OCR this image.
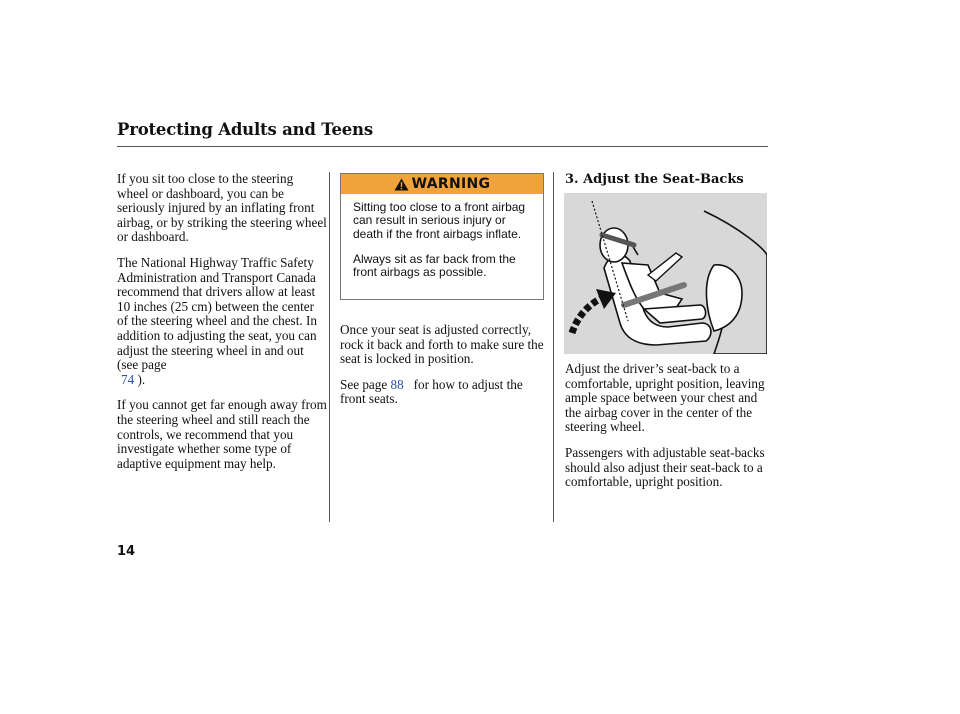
Protecting Adults and Teens

If you sit too close to the steering wheel or dashboard, you can be seriously injured by an inflating front airbag, or by striking the steering wheel or dashboard.

The National Highway Traffic Safety Administration and Transport Canada recommend that drivers allow at least 10 inches (25 cm) between the center of the steering wheel and the chest. In addition to adjusting the seat, you can adjust the steering wheel in and out (see page
74 ).

If you cannot get far enough away from the steering wheel and still reach the controls, we recommend that you investigate whether some type of adaptive equipment may help.

WARNING

Sitting too close to a front airbag can result in serious injury or death if the front airbags inflate.

Always sit as far back from the front airbags as possible.

Once your seat is adjusted correctly, rock it back and forth to make sure the seat is locked in position.

See page 88 for how to adjust the front seats.

3. Adjust the Seat-Backs

Adjust the driver’s seat-back to a comfortable, upright position, leaving ample space between your chest and the airbag cover in the center of the steering wheel.

Passengers with adjustable seat-backs should also adjust their seat-back to a comfortable, upright position.

14
